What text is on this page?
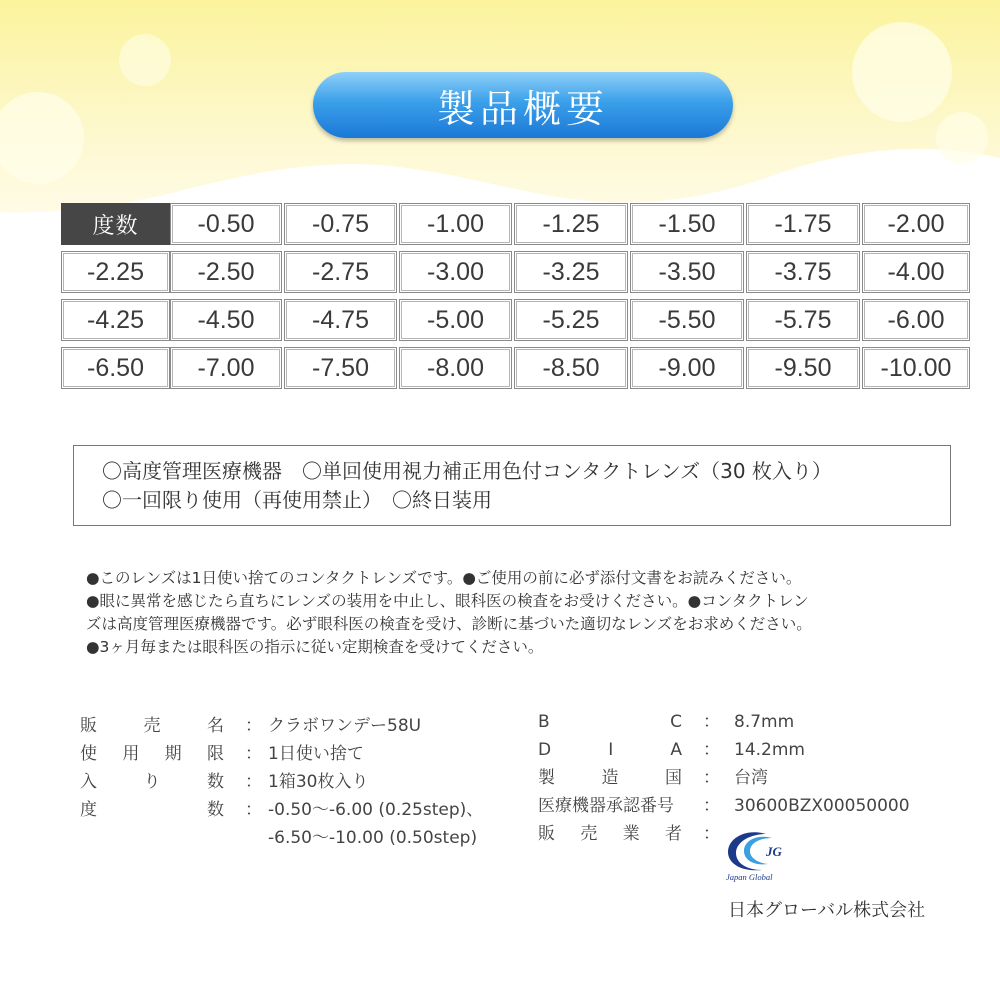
製品概要
度数	-0.50	-0.75	-1.00	-1.25	-1.50	-1.75	-2.00
-2.25	-2.50	-2.75	-3.00	-3.25	-3.50	-3.75	-4.00
-4.25	-4.50	-4.75	-5.00	-5.25	-5.50	-5.75	-6.00
-6.50	-7.00	-7.50	-8.00	-8.50	-9.00	-9.50	-10.00
〇高度管理医療機器　〇単回使用視力補正用色付コンタクトレンズ（30 枚入り）
〇一回限り使用（再使用禁止）　〇終日装用
●このレンズは1日使い捨てのコンタクトレンズです。●ご使用の前に必ず添付文書をお読みください。
●眼に異常を感じたら直ちにレンズの装用を中止し、眼科医の検査をお受けください。●コンタクトレン
ズは高度管理医療機器です。必ず眼科医の検査を受け、診断に基づいた適切なレンズをお求めください。
●3ヶ月毎または眼科医の指示に従い定期検査を受けてください。
販	売	名 ： クラボワンデー58U
使 用 期 限 ： 1日使い捨て
入	り	数 ： 1箱30枚入り
度	数 ： -0.50～-6.00 (0.25step)、
-6.50～-10.00 (0.50step)
B	C ： 8.7mm
D	I	A ： 14.2mm
製	造	国 ： 台湾
医療機器承認番号 ： 30600BZX00050000
販 売 業 者 ：
JG
Japan Global
日本グローバル株式会社
